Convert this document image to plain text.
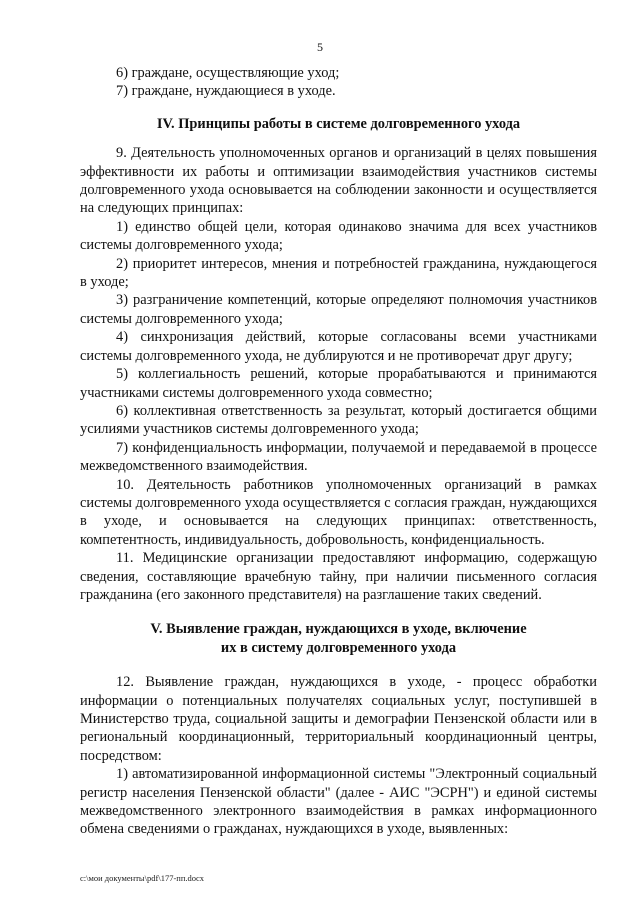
5

6) граждане, осуществляющие уход;

7) граждане, нуждающиеся в уходе.

IV. Принципы работы в системе долговременного ухода

9. Деятельность уполномоченных органов и организаций в целях повышения эффективности их работы и оптимизации взаимодействия участников системы долговременного ухода основывается на соблюдении законности и осуществляется на следующих принципах:

1) единство общей цели, которая одинаково значима для всех участников системы долговременного ухода;

2) приоритет интересов, мнения и потребностей гражданина, нуждающегося в уходе;

3) разграничение компетенций, которые определяют полномочия участников системы долговременного ухода;

4) синхронизация действий, которые согласованы всеми участниками системы долговременного ухода, не дублируются и не противоречат друг другу;

5) коллегиальность решений, которые прорабатываются и принимаются участниками системы долговременного ухода совместно;

6) коллективная ответственность за результат, который достигается общими усилиями участников системы долговременного ухода;

7) конфиденциальность информации, получаемой и передаваемой в процессе межведомственного взаимодействия.

10. Деятельность работников уполномоченных организаций в рамках системы долговременного ухода осуществляется с согласия граждан, нуждающихся в уходе, и основывается на следующих принципах: ответственность, компетентность, индивидуальность, добровольность, конфиденциальность.

11. Медицинские организации предоставляют информацию, содержащую сведения, составляющие врачебную тайну, при наличии письменного согласия гражданина (его законного представителя) на разглашение таких сведений.

V. Выявление граждан, нуждающихся в уходе, включение

их в систему долговременного ухода

12. Выявление граждан, нуждающихся в уходе, - процесс обработки информации о потенциальных получателях социальных услуг, поступившей в Министерство труда, социальной защиты и демографии Пензенской области или в региональный координационный, территориальный координационный центры, посредством:

1) автоматизированной информационной системы "Электронный социальный регистр населения Пензенской области" (далее - АИС "ЭСРН") и единой системы межведомственного электронного взаимодействия в рамках информационного обмена сведениями о гражданах, нуждающихся в уходе, выявленных:

c:\мои документы\pdf\177-пп.docx
